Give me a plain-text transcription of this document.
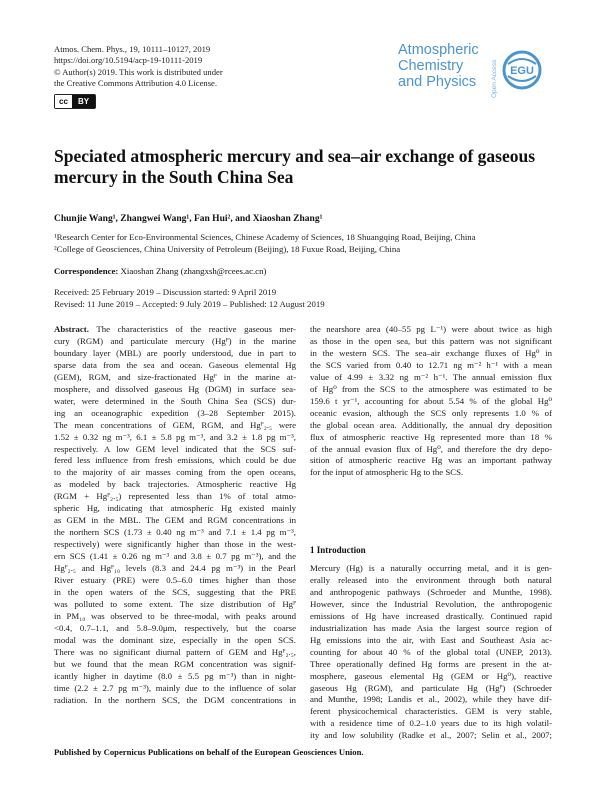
Atmos. Chem. Phys., 19, 10111–10127, 2019
https://doi.org/10.5194/acp-19-10111-2019
© Author(s) 2019. This work is distributed under
the Creative Commons Attribution 4.0 License.
cc	BY
Atmospheric
Chemistry
and Physics	Open Access EGU
Speciated atmospheric mercury and sea–air exchange of gaseous mercury in the South China Sea
Chunjie Wang¹, Zhangwei Wang¹, Fan Hui², and Xiaoshan Zhang¹
¹Research Center for Eco-Environmental Sciences, Chinese Academy of Sciences, 18 Shuangqing Road, Beijing, China
²College of Geosciences, China University of Petroleum (Beijing), 18 Fuxue Road, Beijing, China
Correspondence: Xiaoshan Zhang (zhangxsh@rcees.ac.cn)
Received: 25 February 2019 – Discussion started: 9 April 2019
Revised: 11 June 2019 – Accepted: 9 July 2019 – Published: 12 August 2019
Abstract. The characteristics of the reactive gaseous mer-
cury (RGM) and particulate mercury (Hgᴾ) in the marine
boundary layer (MBL) are poorly understood, due in part to
sparse data from the sea and ocean. Gaseous elemental Hg
(GEM), RGM, and size-fractionated Hgᴾ in the marine at-
mosphere, and dissolved gaseous Hg (DGM) in surface sea-
water, were determined in the South China Sea (SCS) dur-
ing an oceanographic expedition (3–28 September 2015).
The mean concentrations of GEM, RGM, and Hgᴾ₂.₅ were
1.52 ± 0.32 ng m⁻³, 6.1 ± 5.8 pg m⁻³, and 3.2 ± 1.8 pg m⁻³,
respectively. A low GEM level indicated that the SCS suf-
fered less influence from fresh emissions, which could be due
to the majority of air masses coming from the open oceans,
as modeled by back trajectories. Atmospheric reactive Hg
(RGM + Hgᴾ₂.₅) represented less than 1% of total atmo-
spheric Hg, indicating that atmospheric Hg existed mainly
as GEM in the MBL. The GEM and RGM concentrations in
the northern SCS (1.73 ± 0.40 ng m⁻³ and 7.1 ± 1.4 pg m⁻³,
respectively) were significantly higher than those in the west-
ern SCS (1.41 ± 0.26 ng m⁻³ and 3.8 ± 0.7 pg m⁻³), and the
Hgᴾ₂.₅ and Hgᴾ₁₀ levels (8.3 and 24.4 pg m⁻³) in the Pearl
River estuary (PRE) were 0.5–6.0 times higher than those
in the open waters of the SCS, suggesting that the PRE
was polluted to some extent. The size distribution of Hgᴾ
in PM₁₀ was observed to be three-modal, with peaks around
<0.4, 0.7–1.1, and 5.8–9.0μm, respectively, but the coarse
modal was the dominant size, especially in the open SCS.
There was no significant diurnal pattern of GEM and Hgᴾ₂.₅,
but we found that the mean RGM concentration was signif-
icantly higher in daytime (8.0 ± 5.5 pg m⁻³) than in night-
time (2.2 ± 2.7 pg m⁻³), mainly due to the influence of solar
radiation. In the northern SCS, the DGM concentrations in
the nearshore area (40–55 pg L⁻¹) were about twice as high
as those in the open sea, but this pattern was not significant
in the western SCS. The sea–air exchange fluxes of Hg⁰ in
the SCS varied from 0.40 to 12.71 ng m⁻² h⁻¹ with a mean
value of 4.99 ± 3.32 ng m⁻² h⁻¹. The annual emission flux
of Hg⁰ from the SCS to the atmosphere was estimated to be
159.6 t yr⁻¹, accounting for about 5.54 % of the global Hg⁰
oceanic evasion, although the SCS only represents 1.0 % of
the global ocean area. Additionally, the annual dry deposition
flux of atmospheric reactive Hg represented more than 18 %
of the annual evasion flux of Hg⁰, and therefore the dry depo-
sition of atmospheric reactive Hg was an important pathway
for the input of atmospheric Hg to the SCS.
1 Introduction
Mercury (Hg) is a naturally occurring metal, and it is gen-
erally released into the environment through both natural
and anthropogenic pathways (Schroeder and Munthe, 1998).
However, since the Industrial Revolution, the anthropogenic
emissions of Hg have increased drastically. Continued rapid
industrialization has made Asia the largest source region of
Hg emissions into the air, with East and Southeast Asia ac-
counting for about 40 % of the global total (UNEP, 2013).
Three operationally defined Hg forms are present in the at-
mosphere, gaseous elemental Hg (GEM or Hg⁰), reactive
gaseous Hg (RGM), and particulate Hg (Hgᴾ) (Schroeder
and Munthe, 1998; Landis et al., 2002), while they have dif-
ferent physicochemical characteristics. GEM is very stable,
with a residence time of 0.2–1.0 years due to its high volatil-
ity and low solubility (Radke et al., 2007; Selin et al., 2007;
Published by Copernicus Publications on behalf of the European Geosciences Union.
